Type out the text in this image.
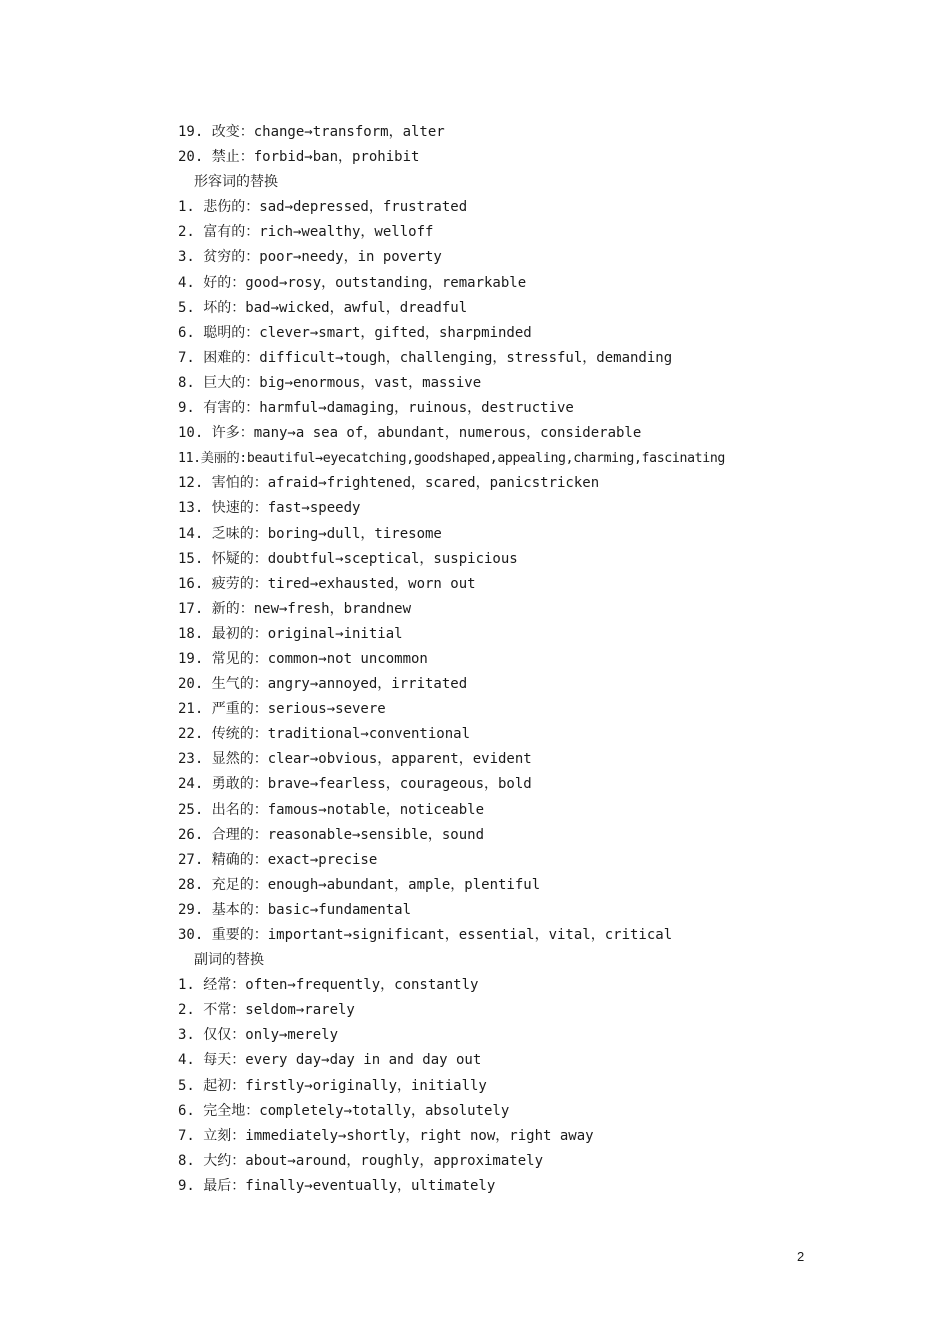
19. 改变：change→transform，alter
20. 禁止：forbid→ban，prohibit
形容词的替换
1. 悲伤的：sad→depressed，frustrated
2. 富有的：rich→wealthy，welloff
3. 贫穷的：poor→needy，in poverty
4. 好的：good→rosy，outstanding，remarkable
5. 坏的：bad→wicked，awful，dreadful
6. 聪明的：clever→smart，gifted，sharpminded
7. 困难的：difficult→tough，challenging，stressful，demanding
8. 巨大的：big→enormous，vast，massive
9. 有害的：harmful→damaging，ruinous，destructive
10. 许多：many→a sea of，abundant，numerous，considerable
11.美丽的:beautiful→eyecatching,goodshaped,appealing,charming,fascinating
12. 害怕的：afraid→frightened，scared，panicstricken
13. 快速的：fast→speedy
14. 乏味的：boring→dull，tiresome
15. 怀疑的：doubtful→sceptical，suspicious
16. 疲劳的：tired→exhausted，worn out
17. 新的：new→fresh，brandnew
18. 最初的：original→initial
19. 常见的：common→not uncommon
20. 生气的：angry→annoyed，irritated
21. 严重的：serious→severe
22. 传统的：traditional→conventional
23. 显然的：clear→obvious，apparent，evident
24. 勇敢的：brave→fearless，courageous，bold
25. 出名的：famous→notable，noticeable
26. 合理的：reasonable→sensible，sound
27. 精确的：exact→precise
28. 充足的：enough→abundant，ample，plentiful
29. 基本的：basic→fundamental
30. 重要的：important→significant，essential，vital，critical
副词的替换
1. 经常：often→frequently，constantly
2. 不常：seldom→rarely
3. 仅仅：only→merely
4. 每天：every day→day in and day out
5. 起初：firstly→originally，initially
6. 完全地：completely→totally，absolutely
7. 立刻：immediately→shortly，right now，right away
8. 大约：about→around，roughly，approximately
9. 最后：finally→eventually，ultimately
2
